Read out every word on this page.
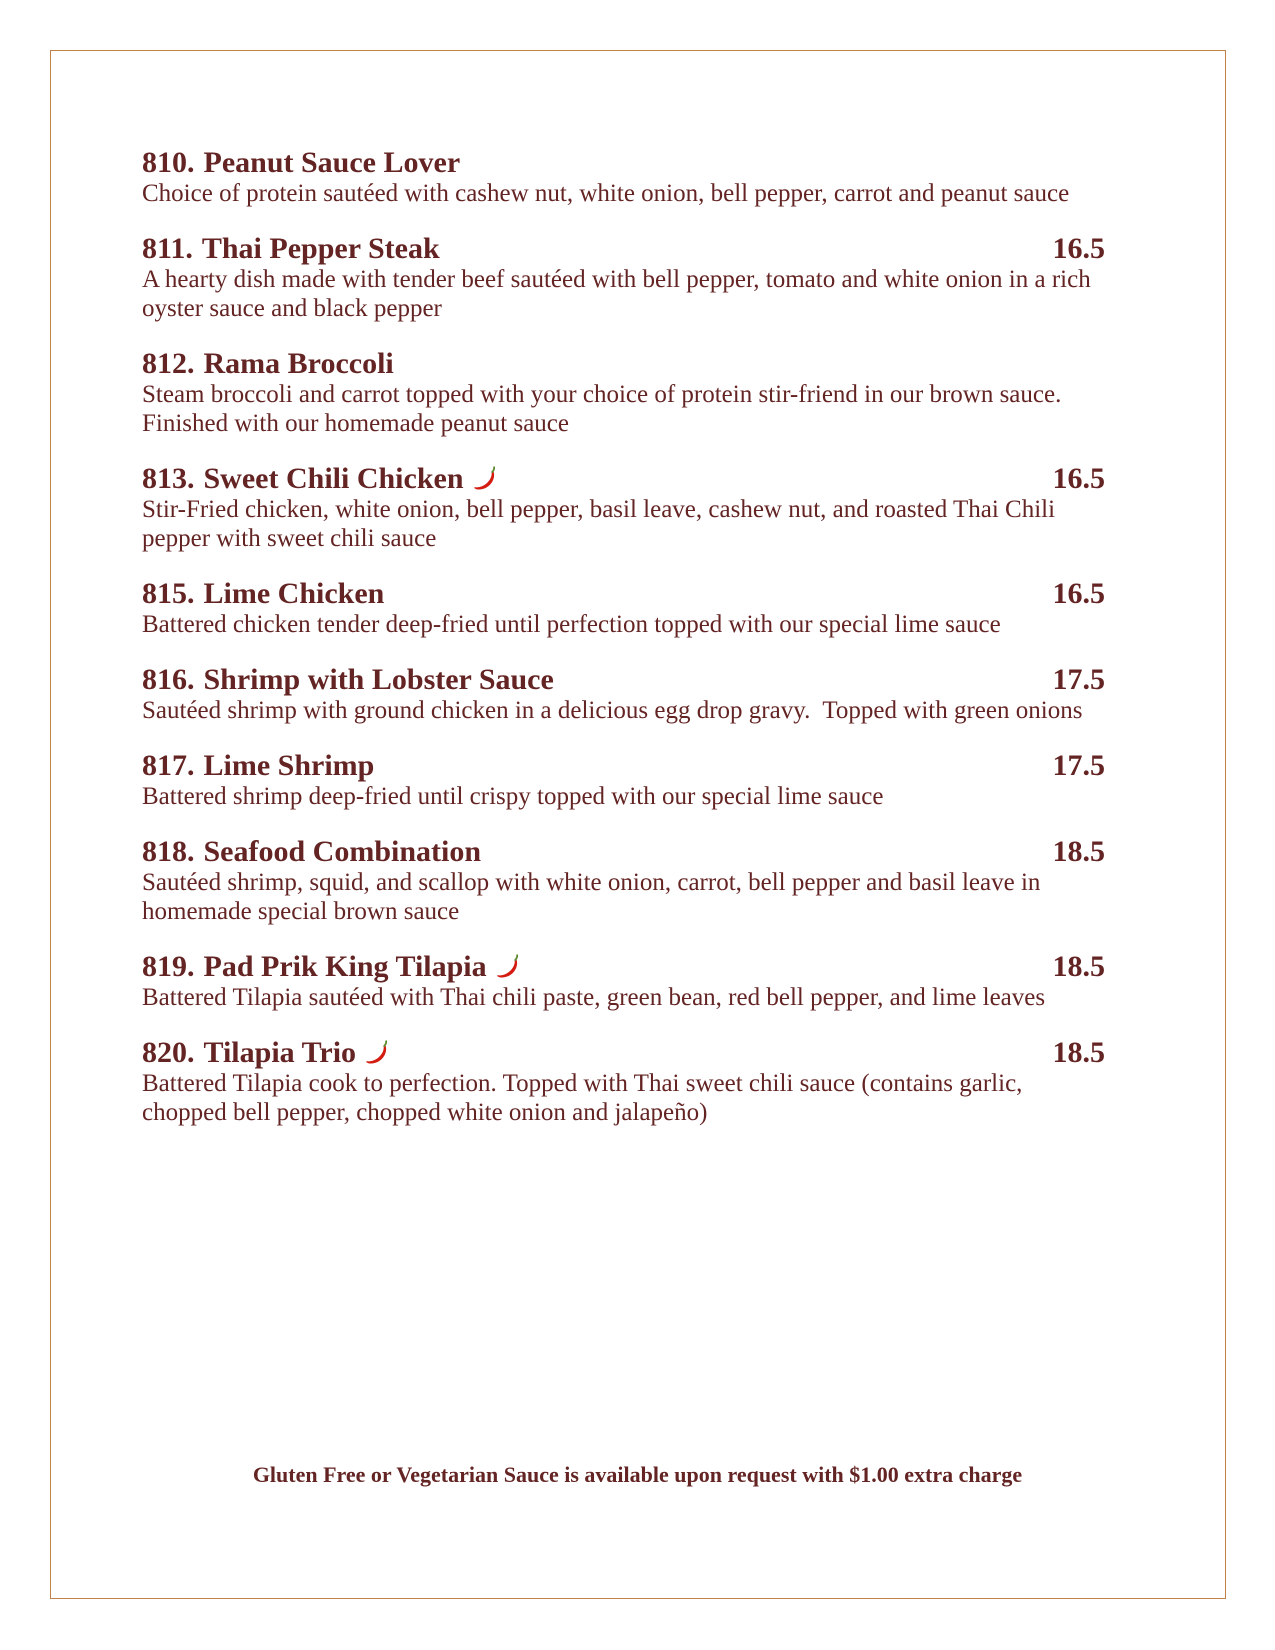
810. Peanut Sauce Lover

Choice of protein sautéed with cashew nut, white onion, bell pepper, carrot and peanut sauce

811. Thai Pepper Steak	16.5

A hearty dish made with tender beef sautéed with bell pepper, tomato and white onion in a rich oyster sauce and black pepper

812. Rama Broccoli

Steam broccoli and carrot topped with your choice of protein stir-friend in our brown sauce. Finished with our homemade peanut sauce

813. Sweet Chili Chicken	16.5

Stir-Fried chicken, white onion, bell pepper, basil leave, cashew nut, and roasted Thai Chili pepper with sweet chili sauce

815. Lime Chicken	16.5

Battered chicken tender deep-fried until perfection topped with our special lime sauce

816. Shrimp with Lobster Sauce	17.5

Sautéed shrimp with ground chicken in a delicious egg drop gravy.  Topped with green onions

817. Lime Shrimp	17.5

Battered shrimp deep-fried until crispy topped with our special lime sauce

818. Seafood Combination	18.5

Sautéed shrimp, squid, and scallop with white onion, carrot, bell pepper and basil leave in homemade special brown sauce

819. Pad Prik King Tilapia	18.5

Battered Tilapia sautéed with Thai chili paste, green bean, red bell pepper, and lime leaves

820. Tilapia Trio	18.5

Battered Tilapia cook to perfection. Topped with Thai sweet chili sauce (contains garlic, chopped bell pepper, chopped white onion and jalapeño)

Gluten Free or Vegetarian Sauce is available upon request with $1.00 extra charge
